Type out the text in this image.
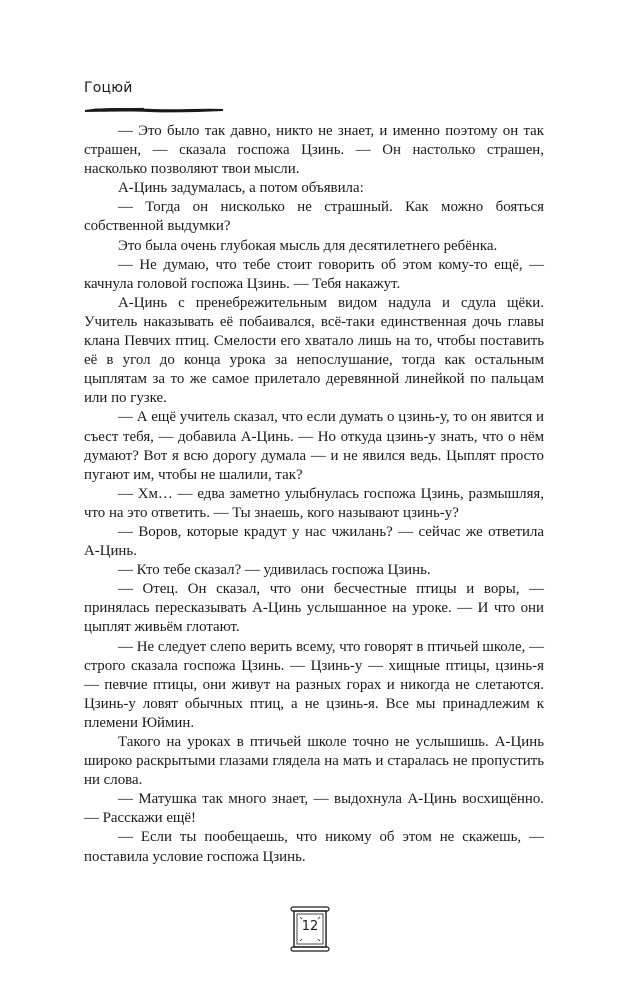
Гоцюй

— Это было так давно, никто не знает, и именно поэтому он так страшен, — сказала госпожа Цзинь. — Он настолько страшен, насколько позволяют твои мысли.

А-Цинь задумалась, а потом объявила:

— Тогда он нисколько не страшный. Как можно бояться собственной выдумки?

Это была очень глубокая мысль для десятилетнего ребёнка.

— Не думаю, что тебе стоит говорить об этом кому-то ещё, — качнула головой госпожа Цзинь. — Тебя накажут.

А-Цинь с пренебрежительным видом надула и сдула щёки. Учитель наказывать её побаивался, всё-таки единственная дочь главы клана Певчих птиц. Смелости его хватало лишь на то, чтобы поставить её в угол до конца урока за непослушание, тогда как остальным цыплятам за то же самое прилетало деревянной линейкой по пальцам или по гузке.

— А ещё учитель сказал, что если думать о цзинь-у, то он явится и съест тебя, — добавила А-Цинь. — Но откуда цзинь-у знать, что о нём думают? Вот я всю дорогу думала — и не явился ведь. Цыплят просто пугают им, чтобы не шалили, так?

— Хм… — едва заметно улыбнулась госпожа Цзинь, размышляя, что на это ответить. — Ты знаешь, кого называют цзинь-у?

— Воров, которые крадут у нас чжилань? — сейчас же ответила А-Цинь.

— Кто тебе сказал? — удивилась госпожа Цзинь.

— Отец. Он сказал, что они бесчестные птицы и воры, — принялась пересказывать А-Цинь услышанное на уроке. — И что они цыплят живьём глотают.

— Не следует слепо верить всему, что говорят в птичьей школе, — строго сказала госпожа Цзинь. — Цзинь-у — хищные птицы, цзинь-я — певчие птицы, они живут на разных горах и никогда не слетаются. Цзинь-у ловят обычных птиц, а не цзинь-я. Все мы принадлежим к племени Юймин.

Такого на уроках в птичьей школе точно не услышишь. А-Цинь широко раскрытыми глазами глядела на мать и старалась не пропустить ни слова.

— Матушка так много знает, — выдохнула А-Цинь восхищённо. — Расскажи ещё!

— Если ты пообещаешь, что никому об этом не скажешь, — поставила условие госпожа Цзинь.

12
